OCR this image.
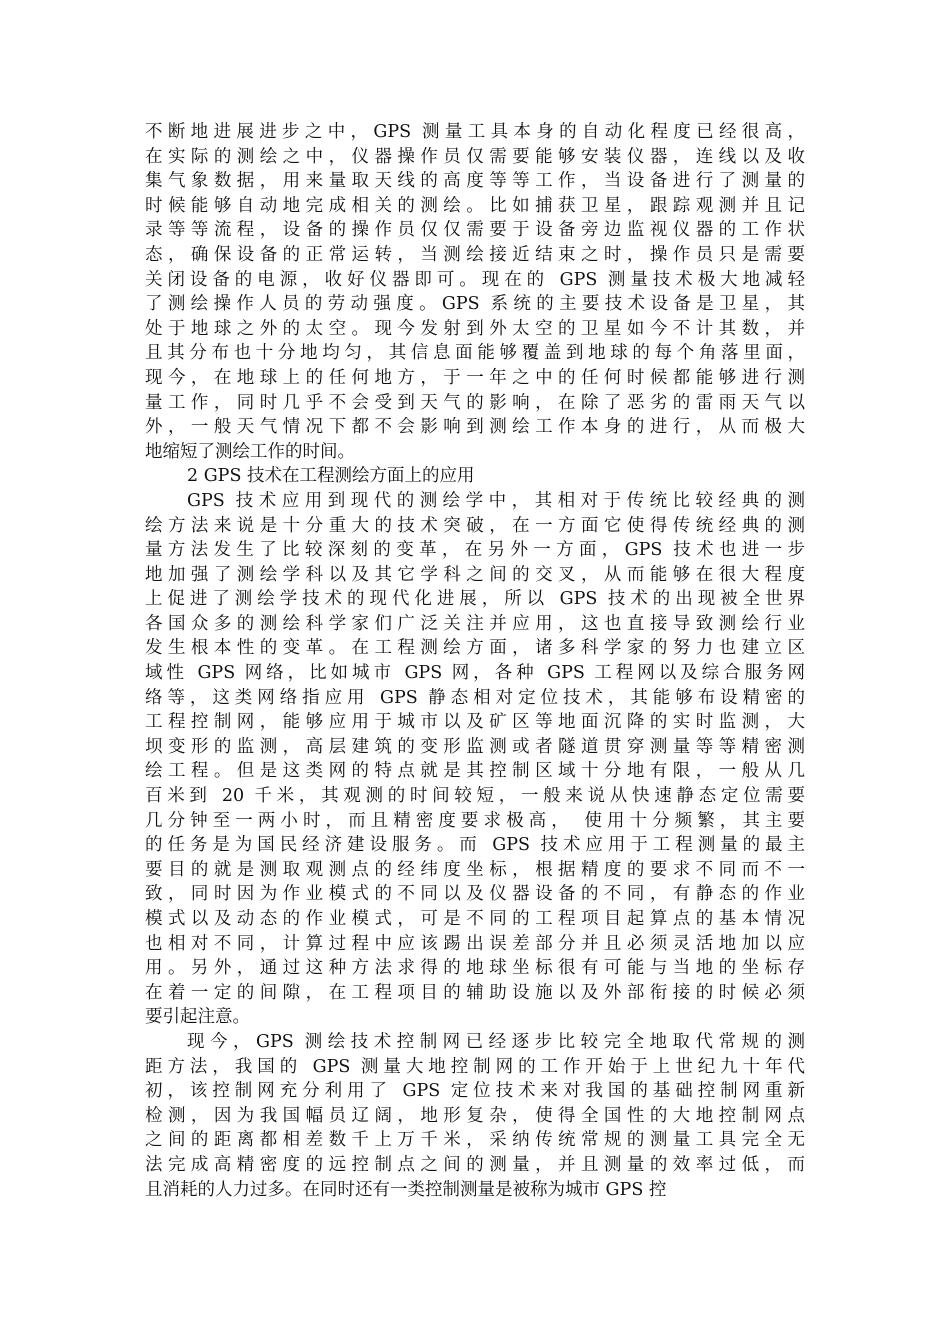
不断地进展进步之中，GPS 测量工具本身的自动化程度已经很高，
在实际的测绘之中，仪器操作员仅需要能够安装仪器，连线以及收
集气象数据，用来量取天线的高度等等工作，当设备进行了测量的
时候能够自动地完成相关的测绘。比如捕获卫星，跟踪观测并且记
录等等流程，设备的操作员仅仅需要于设备旁边监视仪器的工作状
态，确保设备的正常运转，当测绘接近结束之时，操作员只是需要
关闭设备的电源，收好仪器即可。现在的 GPS 测量技术极大地减轻
了测绘操作人员的劳动强度。GPS 系统的主要技术设备是卫星，其
处于地球之外的太空。现今发射到外太空的卫星如今不计其数，并
且其分布也十分地均匀，其信息面能够覆盖到地球的每个角落里面，
现今，在地球上的任何地方，于一年之中的任何时候都能够进行测
量工作，同时几乎不会受到天气的影响，在除了恶劣的雷雨天气以
外，一般天气情况下都不会影响到测绘工作本身的进行，从而极大
地缩短了测绘工作的时间。
2 GPS 技术在工程测绘方面上的应用
GPS 技术应用到现代的测绘学中，其相对于传统比较经典的测
绘方法来说是十分重大的技术突破，在一方面它使得传统经典的测
量方法发生了比较深刻的变革，在另外一方面，GPS 技术也进一步
地加强了测绘学科以及其它学科之间的交叉，从而能够在很大程度
上促进了测绘学技术的现代化进展，所以 GPS 技术的出现被全世界
各国众多的测绘科学家们广泛关注并应用，这也直接导致测绘行业
发生根本性的变革。在工程测绘方面，诸多科学家的努力也建立区
域性 GPS 网络，比如城市 GPS 网，各种 GPS 工程网以及综合服务网
络等，这类网络指应用 GPS 静态相对定位技术，其能够布设精密的
工程控制网，能够应用于城市以及矿区等地面沉降的实时监测，大
坝变形的监测，高层建筑的变形监测或者隧道贯穿测量等等精密测
绘工程。但是这类网的特点就是其控制区域十分地有限，一般从几
百米到 20 千米，其观测的时间较短，一般来说从快速静态定位需要
几分钟至一两小时，而且精密度要求极高， 使用十分频繁，其主要
的任务是为国民经济建设服务。而 GPS 技术应用于工程测量的最主
要目的就是测取观测点的经纬度坐标，根据精度的要求不同而不一
致，同时因为作业模式的不同以及仪器设备的不同，有静态的作业
模式以及动态的作业模式，可是不同的工程项目起算点的基本情况
也相对不同，计算过程中应该踢出误差部分并且必须灵活地加以应
用。另外，通过这种方法求得的地球坐标很有可能与当地的坐标存
在着一定的间隙，在工程项目的辅助设施以及外部衔接的时候必须
要引起注意。
现今，GPS 测绘技术控制网已经逐步比较完全地取代常规的测
距方法，我国的 GPS 测量大地控制网的工作开始于上世纪九十年代
初，该控制网充分利用了 GPS 定位技术来对我国的基础控制网重新
检测，因为我国幅员辽阔，地形复杂，使得全国性的大地控制网点
之间的距离都相差数千上万千米，采纳传统常规的测量工具完全无
法完成高精密度的远控制点之间的测量，并且测量的效率过低，而
且消耗的人力过多。在同时还有一类控制测量是被称为城市 GPS 控
